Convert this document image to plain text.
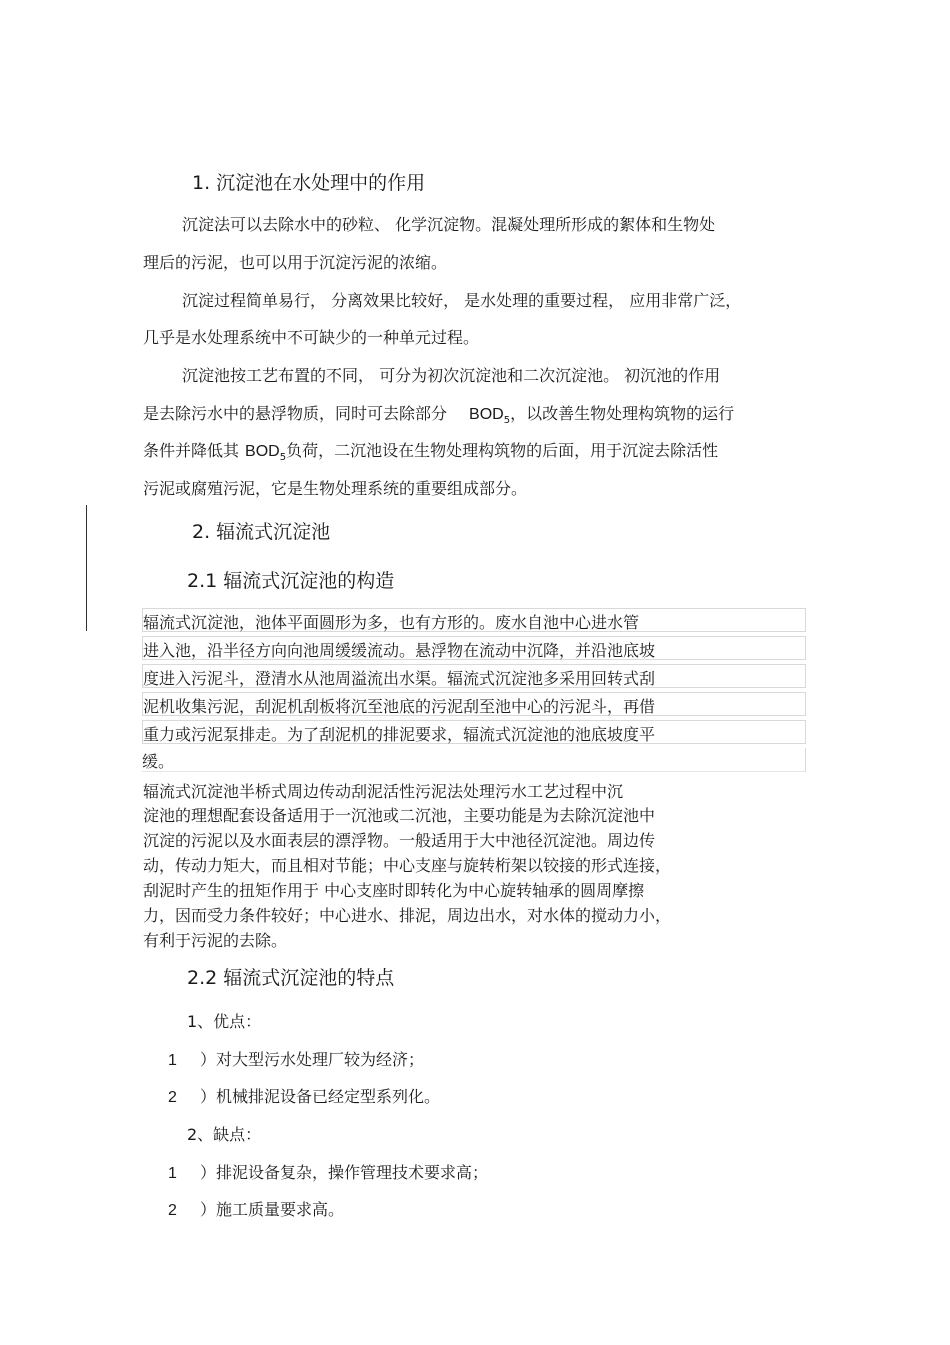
1. 沉淀池在水处理中的作用
沉淀法可以去除水中的砂粒、 化学沉淀物。混凝处理所形成的絮体和生物处
理后的污泥，也可以用于沉淀污泥的浓缩。
沉淀过程简单易行， 分离效果比较好， 是水处理的重要过程， 应用非常广泛，
几乎是水处理系统中不可缺少的一种单元过程。
沉淀池按工艺布置的不同， 可分为初次沉淀池和二次沉淀池。 初沉池的作用
是去除污水中的悬浮物质，同时可去除部分 $BOD_5$，以改善生物处理构筑物的运行
条件并降低其 $BOD_5$负荷，二沉池设在生物处理构筑物的后面，用于沉淀去除活性
污泥或腐殖污泥，它是生物处理系统的重要组成部分。
2. 辐流式沉淀池
2.1 辐流式沉淀池的构造
辐流式沉淀池，池体平面圆形为多，也有方形的。废水自池中心进水管
进入池，沿半径方向向池周缓缓流动。悬浮物在流动中沉降，并沿池底坡
度进入污泥斗，澄清水从池周溢流出水渠。辐流式沉淀池多采用回转式刮
泥机收集污泥，刮泥机刮板将沉至池底的污泥刮至池中心的污泥斗，再借
重力或污泥泵排走。为了刮泥机的排泥要求，辐流式沉淀池的池底坡度平
缓。
辐流式沉淀池半桥式周边传动刮泥活性污泥法处理污水工艺过程中沉
淀池的理想配套设备适用于一沉池或二沉池，主要功能是为去除沉淀池中
沉淀的污泥以及水面表层的漂浮物。一般适用于大中池径沉淀池。周边传
动，传动力矩大，而且相对节能；中心支座与旋转桁架以铰接的形式连接，
刮泥时产生的扭矩作用于 中心支座时即转化为中心旋转轴承的圆周摩擦
力，因而受力条件较好；中心进水、排泥，周边出水，对水体的搅动力小，
有利于污泥的去除。
2.2 辐流式沉淀池的特点
1、优点：
1 ）对大型污水处理厂较为经济；
2 ）机械排泥设备已经定型系列化。
2、缺点：
1 ）排泥设备复杂，操作管理技术要求高；
2 ）施工质量要求高。
